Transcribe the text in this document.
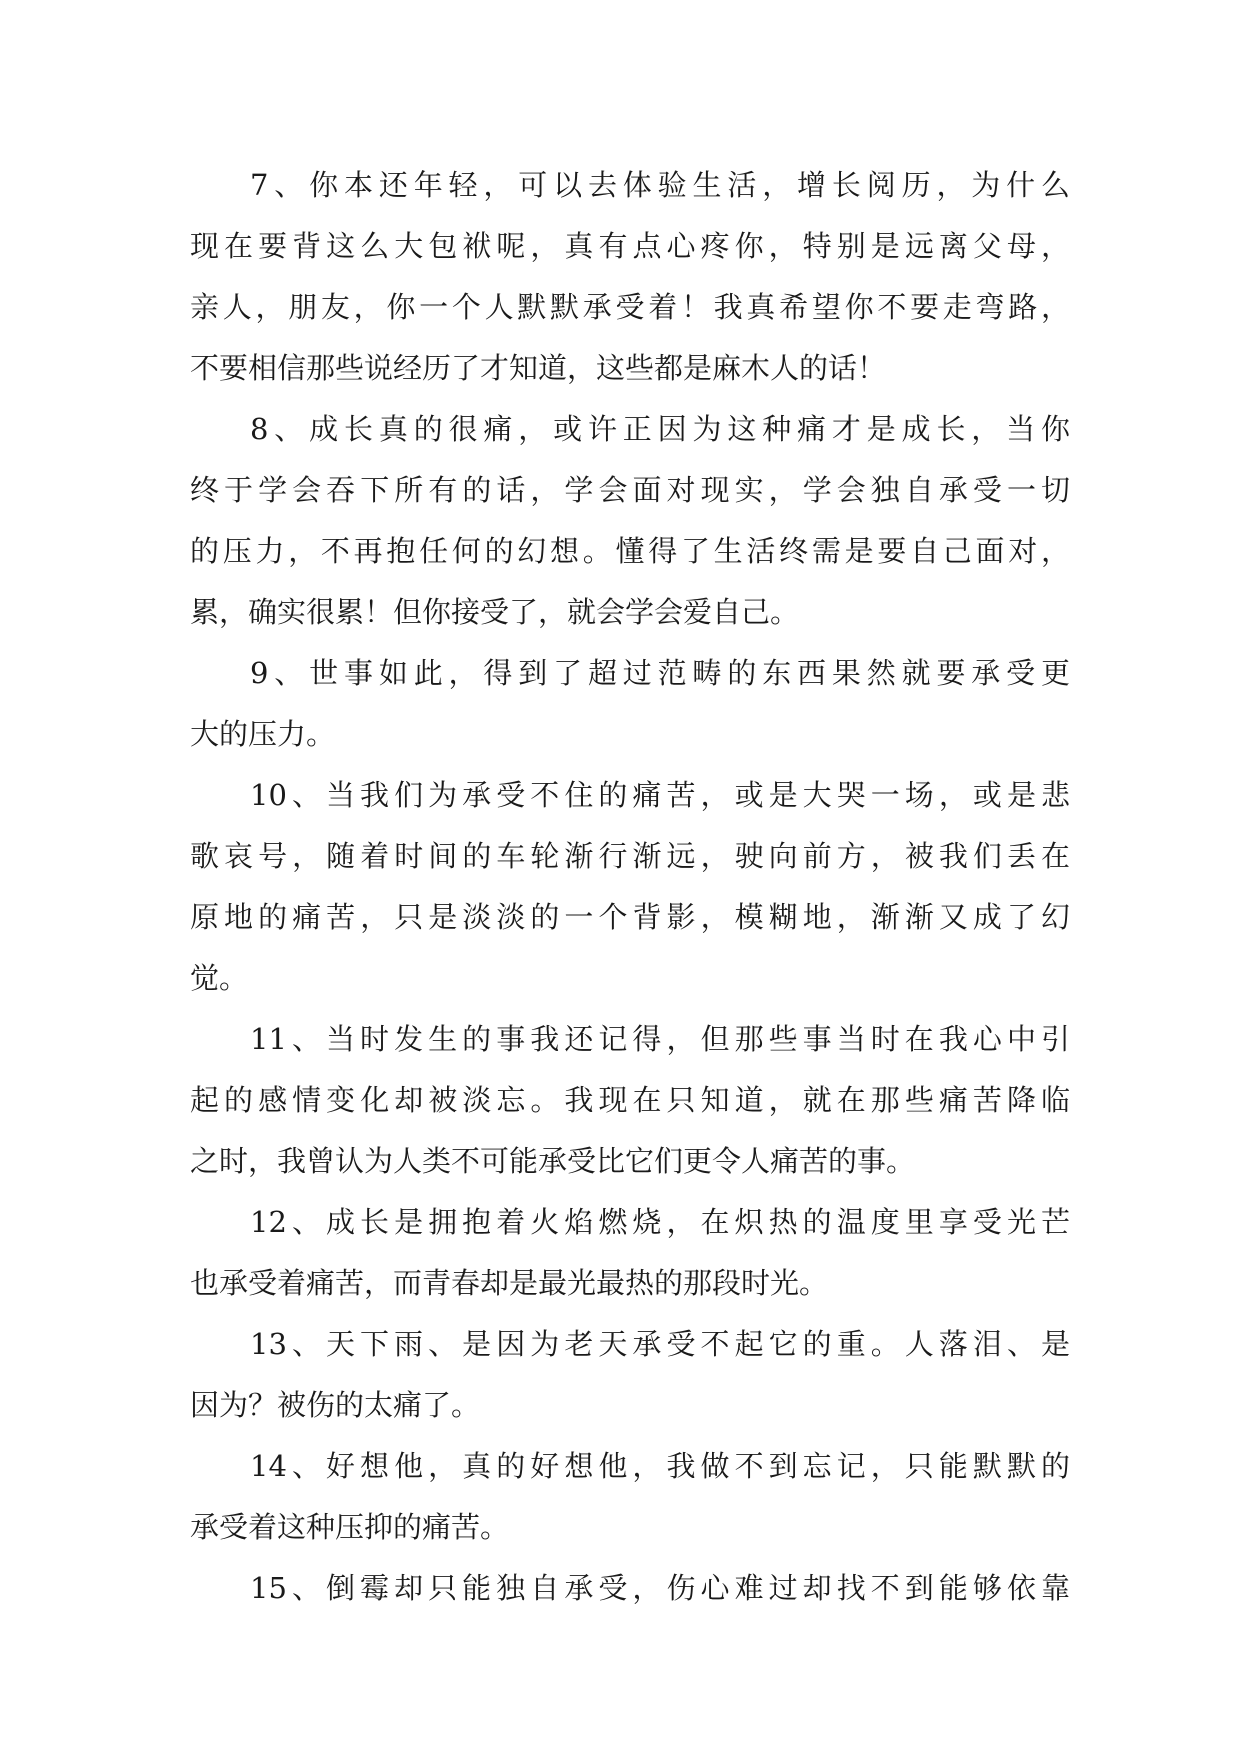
7、你本还年轻，可以去体验生活，增长阅历，为什么
现在要背这么大包袱呢，真有点心疼你，特别是远离父母，
亲人，朋友，你一个人默默承受着！我真希望你不要走弯路，
不要相信那些说经历了才知道，这些都是麻木人的话！
8、成长真的很痛，或许正因为这种痛才是成长，当你
终于学会吞下所有的话，学会面对现实，学会独自承受一切
的压力，不再抱任何的幻想。懂得了生活终需是要自己面对，
累，确实很累！但你接受了，就会学会爱自己。
9、世事如此，得到了超过范畴的东西果然就要承受更
大的压力。
10、当我们为承受不住的痛苦，或是大哭一场，或是悲
歌哀号，随着时间的车轮渐行渐远，驶向前方，被我们丢在
原地的痛苦，只是淡淡的一个背影，模糊地，渐渐又成了幻
觉。
11、当时发生的事我还记得，但那些事当时在我心中引
起的感情变化却被淡忘。我现在只知道，就在那些痛苦降临
之时，我曾认为人类不可能承受比它们更令人痛苦的事。
12、成长是拥抱着火焰燃烧，在炽热的温度里享受光芒
也承受着痛苦，而青春却是最光最热的那段时光。
13、天下雨、是因为老天承受不起它的重。人落泪、是
因为？被伤的太痛了。
14、好想他，真的好想他，我做不到忘记，只能默默的
承受着这种压抑的痛苦。
15、倒霉却只能独自承受，伤心难过却找不到能够依靠
